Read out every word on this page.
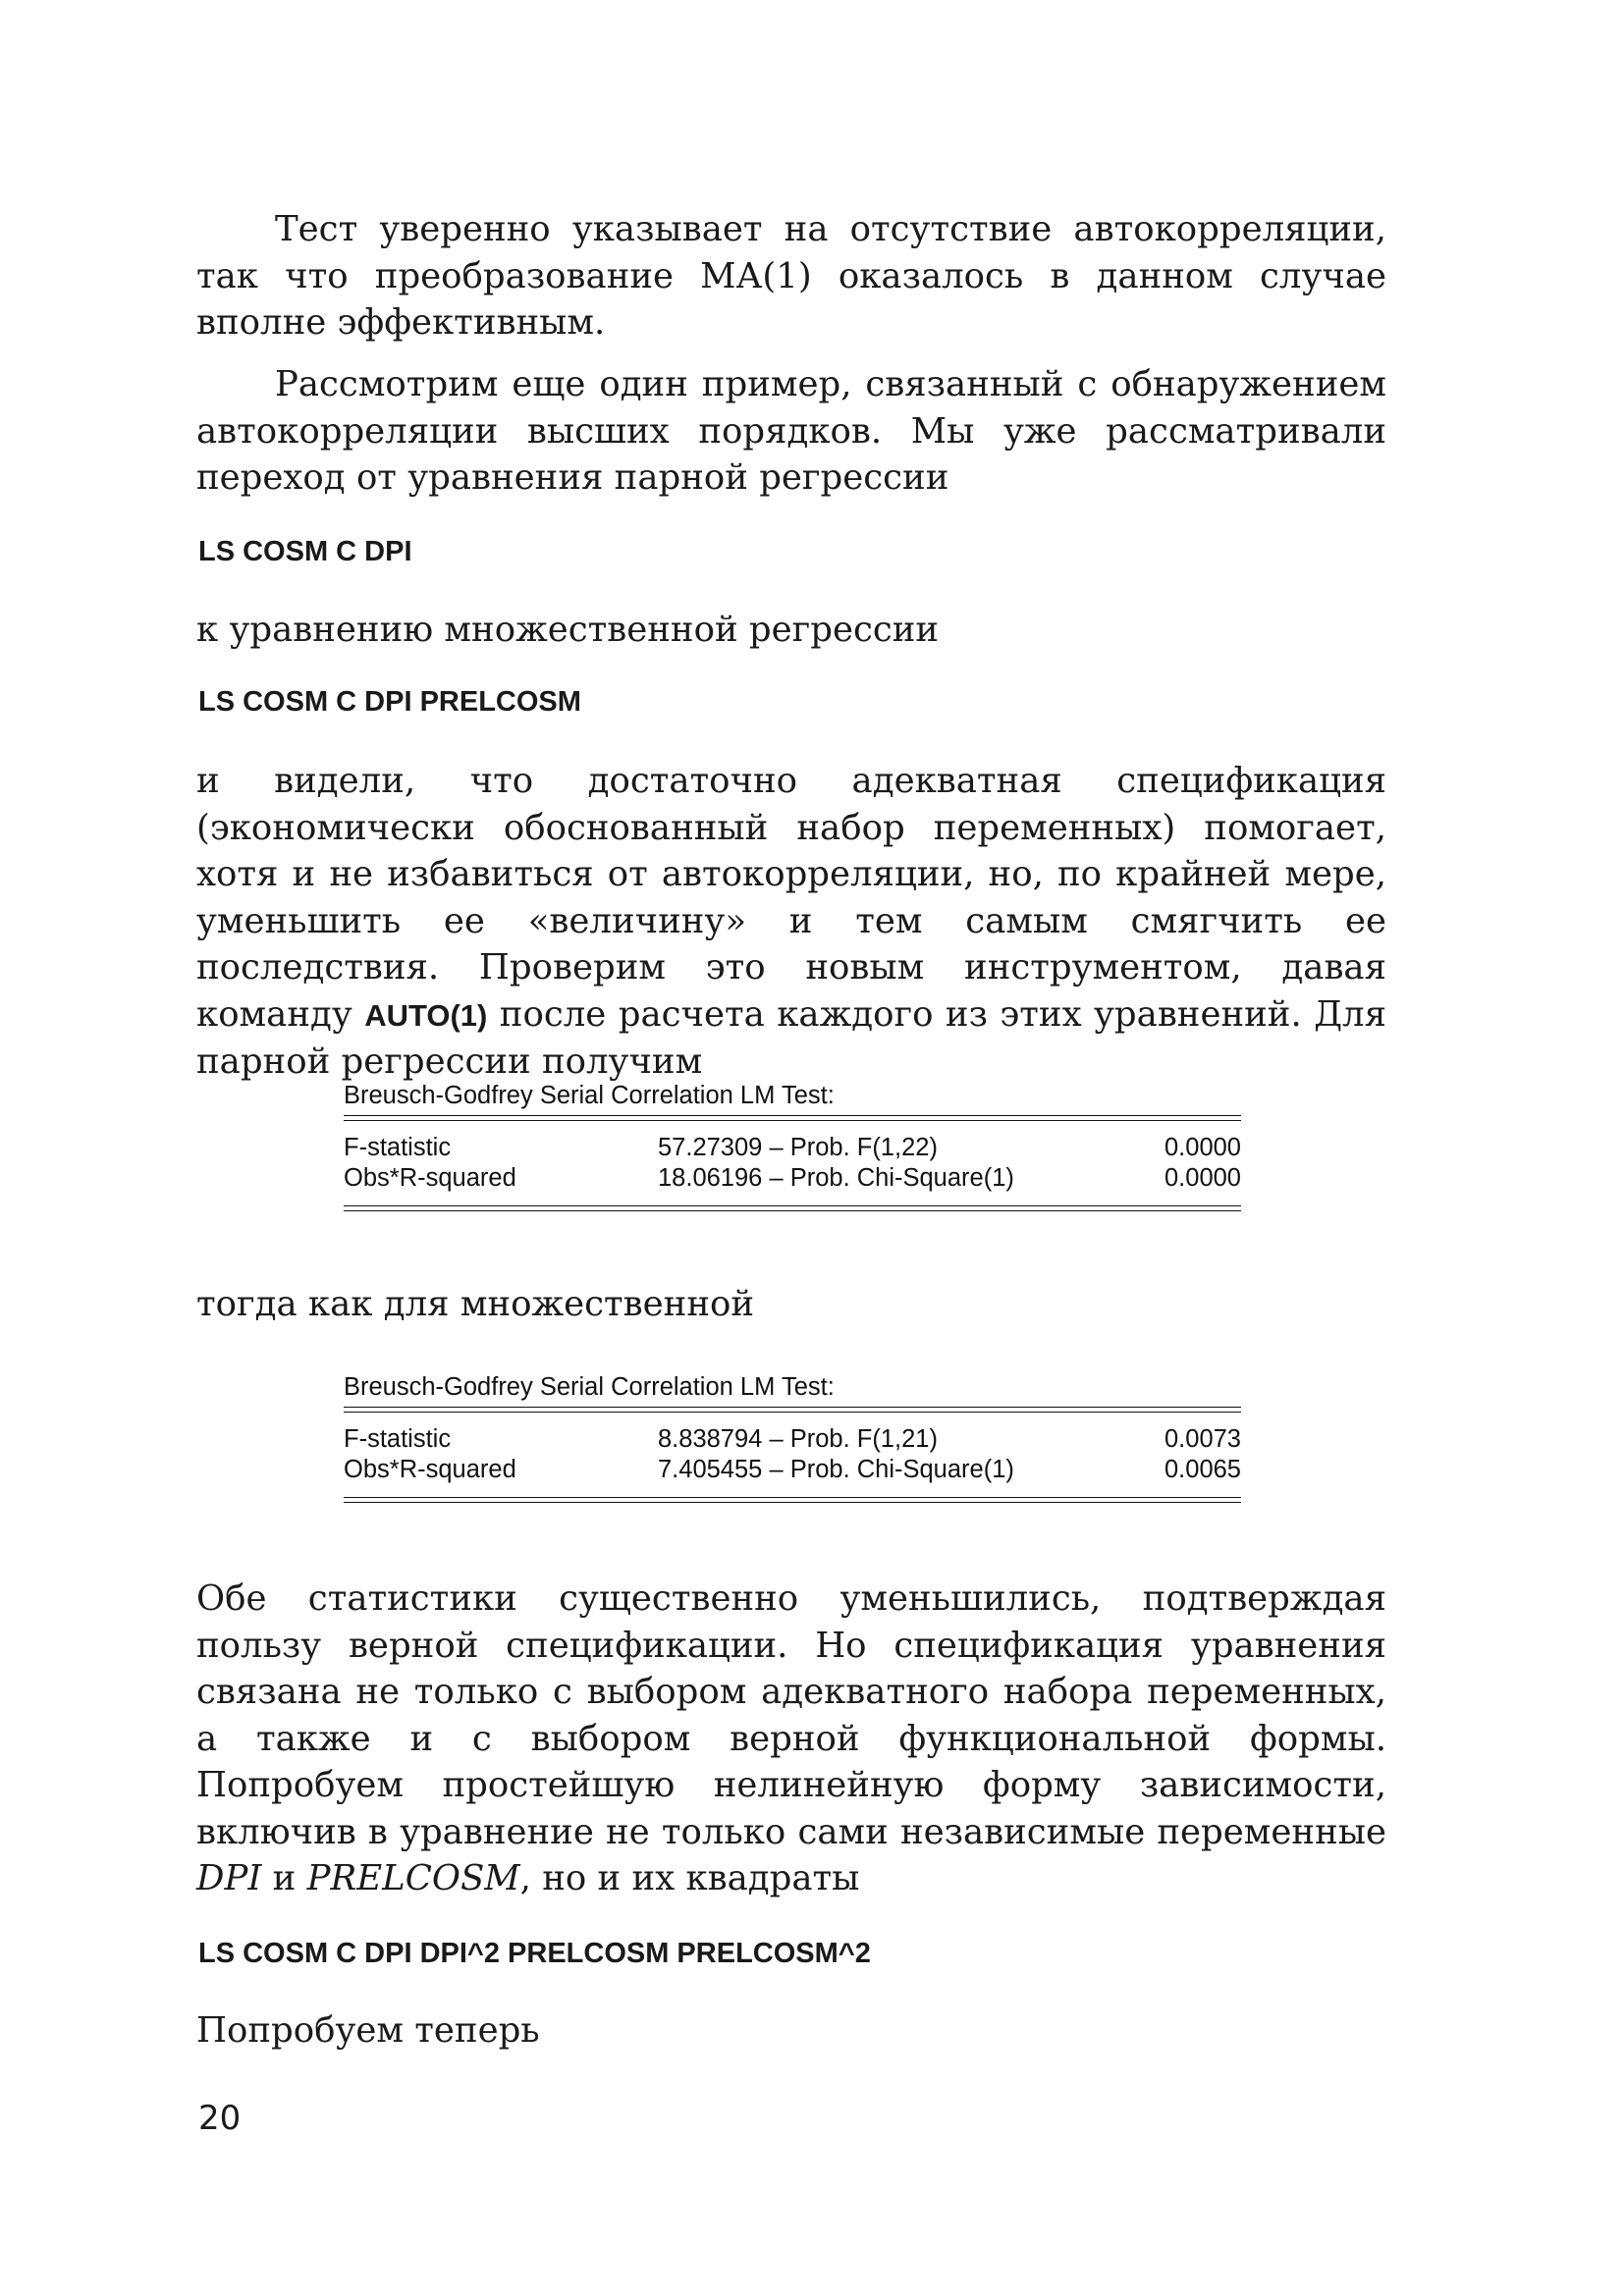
Тест уверенно указывает на отсутствие автокорреляции, так что преобразование МА(1) оказалось в данном случае вполне эффективным.

Рассмотрим еще один пример, связанный с обнаружением автокорреляции высших порядков. Мы уже рассматривали переход от уравнения парной регрессии

LS COSM C DPI

к уравнению множественной регрессии

LS COSM C DPI PRELCOSM

и видели, что достаточно адекватная спецификация (экономически обоснованный набор переменных) помогает, хотя и не избавиться от автокорреляции, но, по крайней мере, уменьшить ее «величину» и тем самым смягчить ее последствия. Проверим это новым инструментом, давая команду AUTO(1) после расчета каждого из этих уравнений. Для парной регрессии получим

Breusch-Godfrey Serial Correlation LM Test:

F-statistic	57.27309 – Prob. F(1,22)	0.0000
Obs*R-squared	18.06196 – Prob. Chi-Square(1)	0.0000

тогда как для множественной

Breusch-Godfrey Serial Correlation LM Test:

F-statistic	8.838794 – Prob. F(1,21)	0.0073
Obs*R-squared	7.405455 – Prob. Chi-Square(1)	0.0065

Обе статистики существенно уменьшились, подтверждая пользу верной спецификации. Но спецификация уравнения связана не только с выбором адекватного набора переменных, а также и с выбором верной функциональной формы. Попробуем простейшую нелинейную форму зависимости, включив в уравнение не только сами независимые переменные DPI и PRELCOSM, но и их квадраты

LS COSM C DPI DPI^2 PRELCOSM PRELCOSM^2

Попробуем теперь

20
